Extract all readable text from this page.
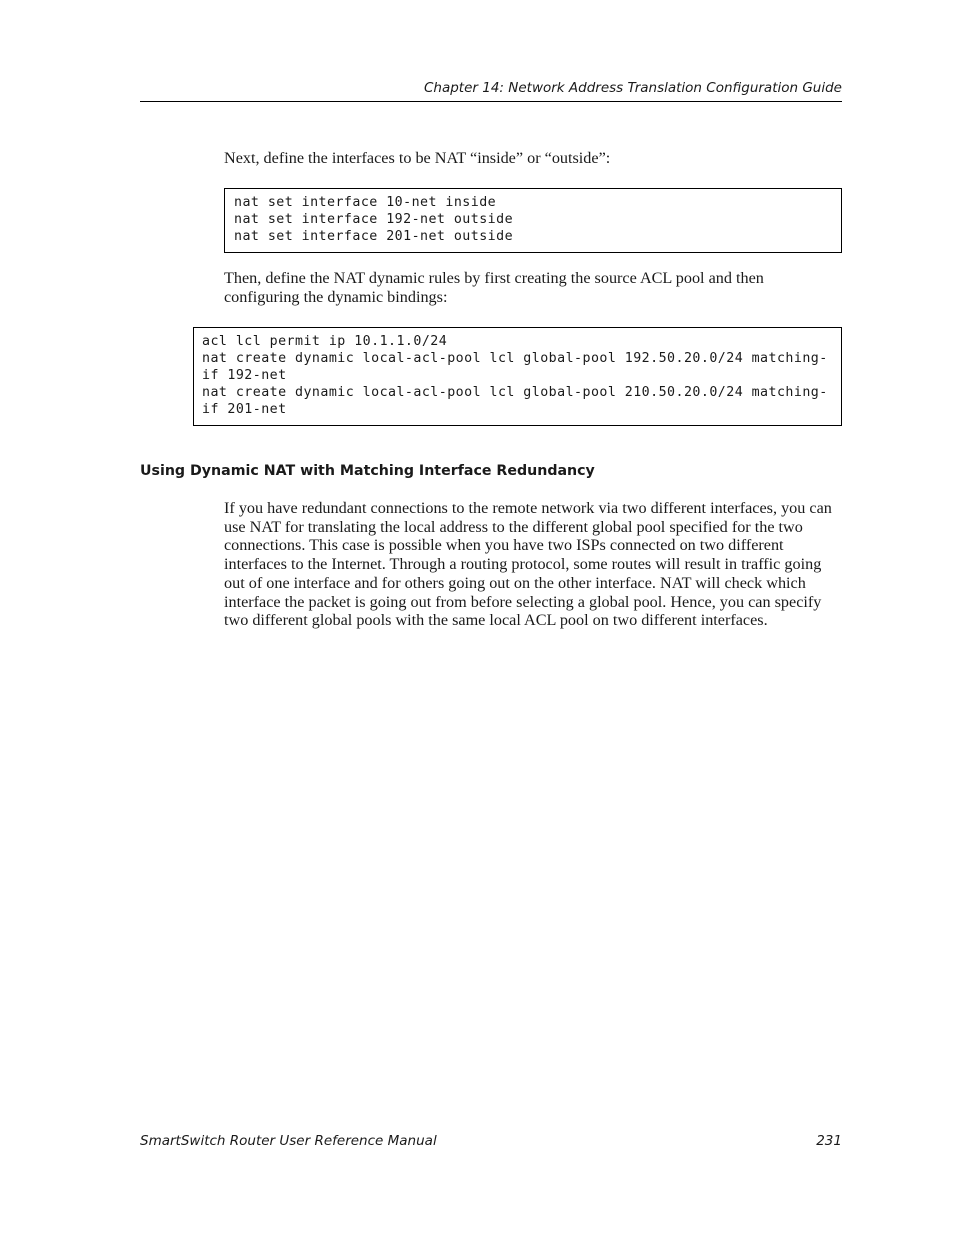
Chapter 14: Network Address Translation Configuration Guide

Next, define the interfaces to be NAT “inside” or “outside”:

nat set interface 10-net inside
nat set interface 192-net outside
nat set interface 201-net outside

Then, define the NAT dynamic rules by first creating the source ACL pool and then configuring the dynamic bindings:

acl lcl permit ip 10.1.1.0/24
nat create dynamic local-acl-pool lcl global-pool 192.50.20.0/24 matching-
if 192-net
nat create dynamic local-acl-pool lcl global-pool 210.50.20.0/24 matching-
if 201-net
Using Dynamic NAT with Matching Interface Redundancy

If you have redundant connections to the remote network via two different interfaces, you can use NAT for translating the local address to the different global pool specified for the two connections. This case is possible when you have two ISPs connected on two different interfaces to the Internet. Through a routing protocol, some routes will result in traffic going out of one interface and for others going out on the other interface. NAT will check which interface the packet is going out from before selecting a global pool. Hence, you can specify two different global pools with the same local ACL pool on two different interfaces.

SmartSwitch Router User Reference Manual	231
